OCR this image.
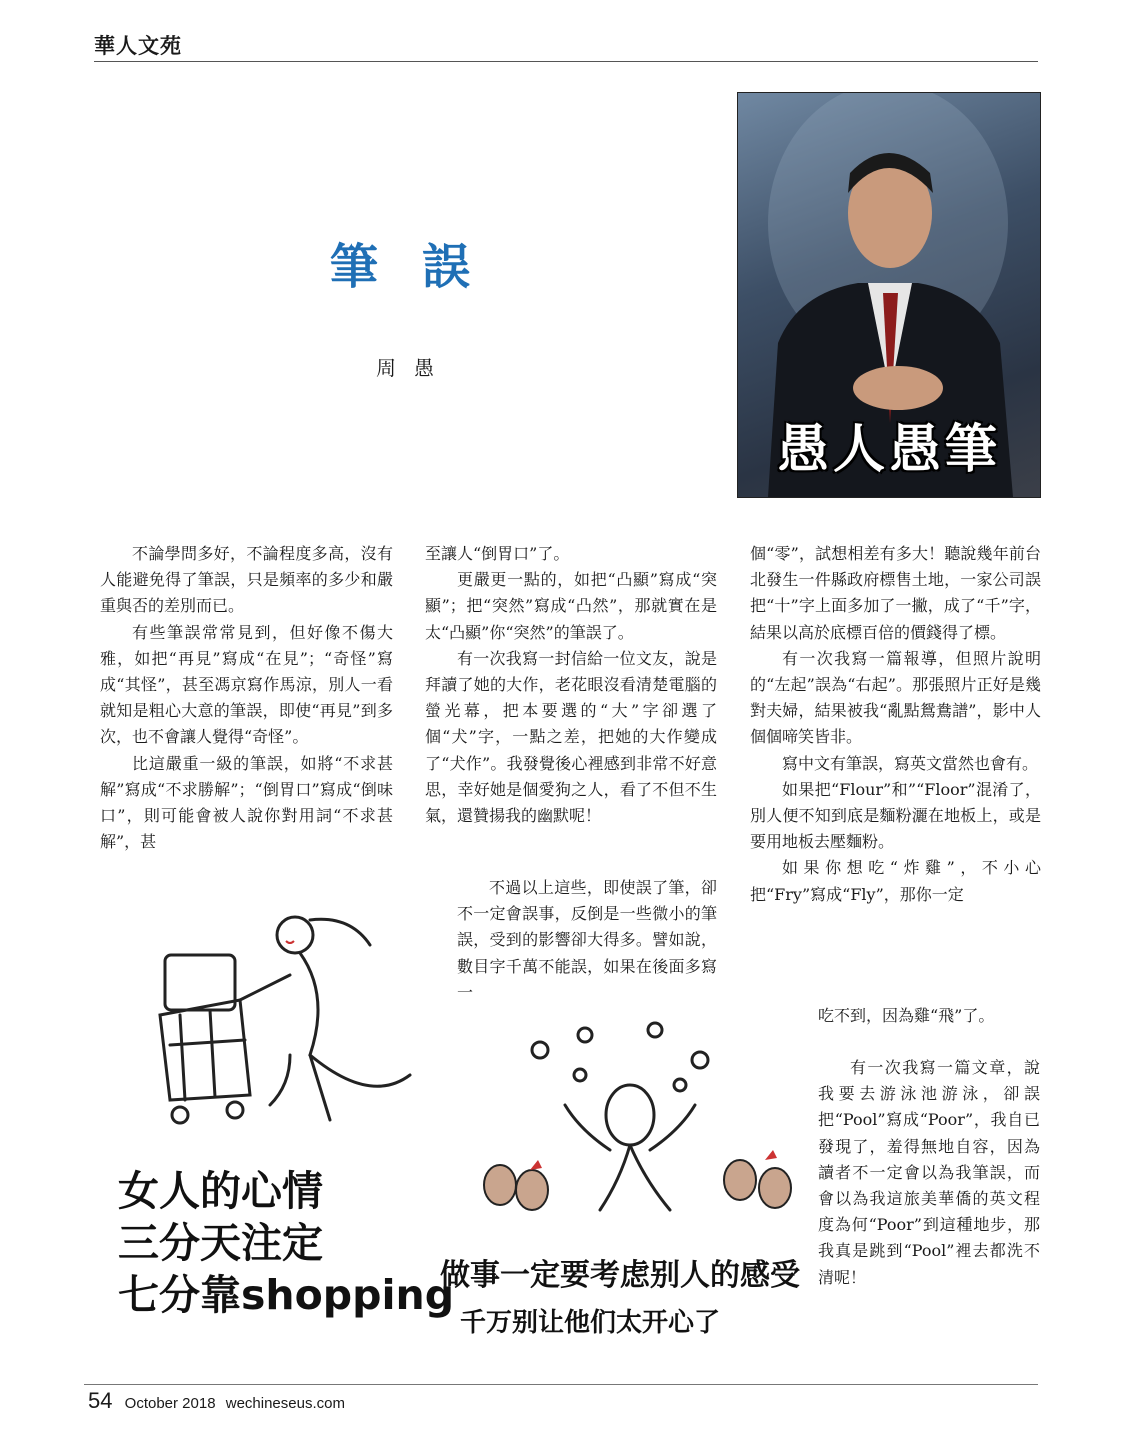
華人文苑
筆誤
周愚
愚人愚筆

不論學問多好，不論程度多高，沒有人能避免得了筆誤，只是頻率的多少和嚴重與否的差別而已。

有些筆誤常常見到，但好像不傷大雅，如把“再見”寫成“在見”；“奇怪”寫成“其怪”，甚至馮京寫作馬涼，別人一看就知是粗心大意的筆誤，即使“再見”到多次，也不會讓人覺得“奇怪”。

比這嚴重一級的筆誤，如將“不求甚解”寫成“不求勝解”；“倒胃口”寫成“倒味口”，則可能會被人說你對用詞“不求甚解”，甚

至讓人“倒胃口”了。

更嚴更一點的，如把“凸顯”寫成“突顯”；把“突然”寫成“凸然”，那就實在是太“凸顯”你“突然”的筆誤了。

有一次我寫一封信給一位文友，說是拜讀了她的大作，老花眼沒看清楚電腦的螢光幕，把本要選的“大”字卻選了個“犬”字，一點之差，把她的大作變成了“犬作”。我發覺後心裡感到非常不好意思，幸好她是個愛狗之人，看了不但不生氣，還贊揚我的幽默呢！

不過以上這些，即使誤了筆，卻不一定會誤事，反倒是一些微小的筆誤，受到的影響卻大得多。譬如說，數目字千萬不能誤，如果在後面多寫一

個“零”，試想相差有多大！聽說幾年前台北發生一件縣政府標售土地，一家公司誤把“十”字上面多加了一撇，成了“千”字，結果以高於底標百倍的價錢得了標。

有一次我寫一篇報導，但照片說明的“左起”誤為“右起”。那張照片正好是幾對夫婦，結果被我“亂點鴛鴦譜”，影中人個個啼笑皆非。

寫中文有筆誤，寫英文當然也會有。

如果把“Flour”和”“Floor”混淆了，別人便不知到底是麵粉灑在地板上，或是要用地板去壓麵粉。

如果你想吃“炸雞”，不小心把“Fry”寫成“Fly”，那你一定

吃不到，因為雞“飛”了。

有一次我寫一篇文章，說我要去游泳池游泳，卻誤把“Pool”寫成“Poor”，我自已發現了，羞得無地自容，因為讀者不一定會以為我筆誤，而會以為我這旅美華僑的英文程度為何“Poor”到這種地步，那我真是跳到“Pool”裡去都洗不清呢！

女人的心情
三分天注定
七分靠shopping
做事一定要考虑别人的感受
千万别让他们太开心了
54 October 2018 wechineseus.com
